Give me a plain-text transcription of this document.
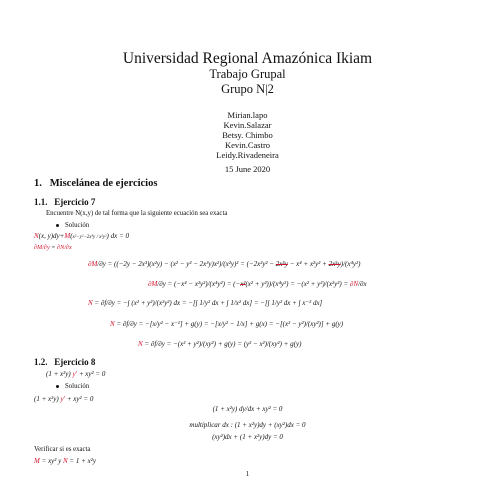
Universidad Regional Amazónica Ikiam
Trabajo Grupal
Grupo N|2
Mirian.lapo
Kevin.Salazar
Betsy. Chimbo
Kevin.Castro
Leidy.Rivadeneira
15 June 2020
1. Miscelánea de ejercicios
1.1. Ejercicio 7
Encuentre N(x,y) de tal forma que la siguiente ecuación sea exacta
Solución
N(x, y)dy+M(x²−y²−2x³y / x²y²) dx = 0
∂M/∂y = ∂N/∂x
∂M/∂y = ((−2y − 2x³)(x²y) − (x² − y² − 2x³y)x²)/(x²y)² = (−2x²y² − 2x⁵y − x⁴ + x²y² + 2x⁵y)/(x⁴y²)
∂M/∂y = (−x⁴ − x²y²)/(x⁴y²) = (−x²(x² + y²))/(x⁴y²) = −(x² + y²)/(x²y²) = ∂N/∂x
N = ∂f/∂y = −∫ (x² + y²)/(x²y²) dx = −[∫ 1/y² dx + ∫ 1/x² dx] = −[∫ 1/y² dx + ∫ x⁻² dx]
N = ∂f/∂y = −[x/y² − x⁻¹] + g(y) = −[x/y² − 1/x] + g(x) = −[(x² − y²)/(xy²)] + g(y)
N = ∂f/∂y = −(x² + y²)/(xy²) + g(y) = (y² − x²)/(xy²) + g(y)
1.2. Ejercicio 8
(1 + x²y) y' + xy² = 0
Solución
(1 + x²y) y' + xy² = 0
(1 + x²y) dy/dx + xy² = 0
multiplicar dx : (1 + x²y)dy + (xy²)dx = 0
(xy²)dx + (1 + x²y)dy = 0
Verificar si es exacta
M = xy² y N = 1 + x²y
1
